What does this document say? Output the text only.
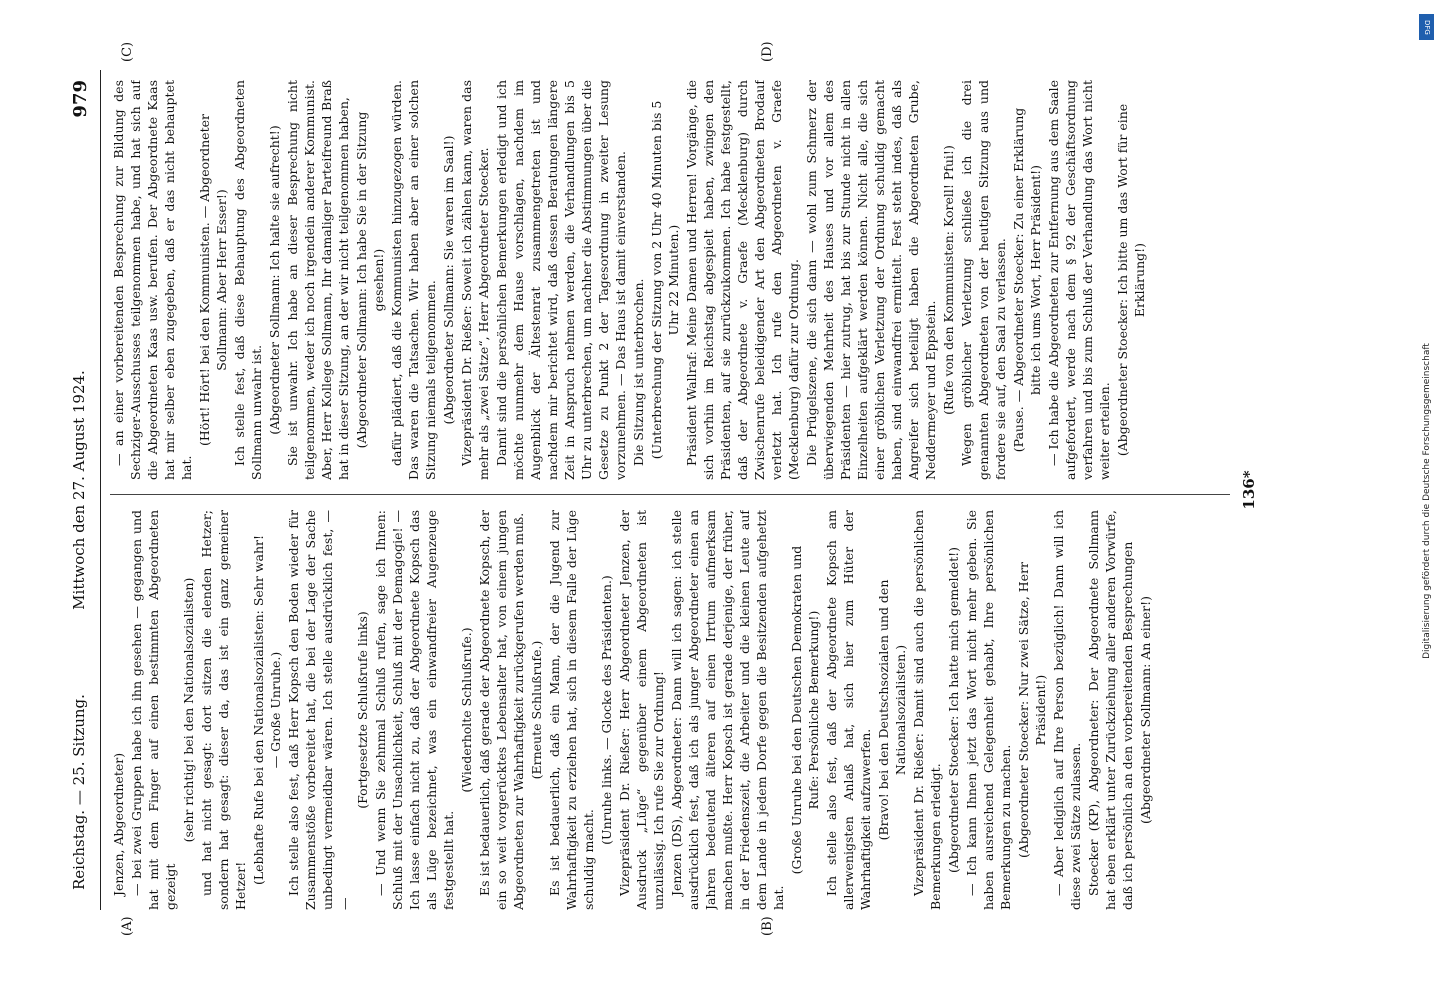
Reichstag. — 25. Sitzung.
Mittwoch den 27. August 1924.
979
(A)	(B)
(C)	(D)

Jenzen, Abgeordneter) — bei zwei Gruppen habe ich ihn gesehen — gegangen und hat mit dem Finger auf einen bestimmten Abgeordneten gezeigt

(sehr richtig! bei den Nationalsozialisten) und hat nicht gesagt: dort sitzen die elenden Hetzer; sondern hat gesagt: dieser da, das ist ein ganz gemeiner Hetzer!

(Lebhafte Rufe bei den Nationalsozialisten: Sehr wahr! — Große Unruhe.) Ich stelle also fest, daß Herr Kopsch den Boden wieder für Zusammenstöße vorbereitet hat, die bei der Lage der Sache unbedingt vermeidbar wären. Ich stelle ausdrücklich fest, — —

(Fortgesetzte Schlußrufe links) — Und wenn Sie zehnmal Schluß rufen, sage ich Ihnen: Schluß mit der Unsachlichkeit, Schluß mit der Demagogie! — Ich lasse einfach nicht zu, daß der Abgeordnete Kopsch das als Lüge bezeichnet, was ein einwandfreier Augenzeuge festgestellt hat.

(Wiederholte Schlußrufe.) Es ist bedauerlich, daß gerade der Abgeordnete Kopsch, der ein so weit vorgerücktes Lebensalter hat, von einem jungen Abgeordneten zur Wahrhaftigkeit zurückgerufen werden muß. (Erneute Schlußrufe.) Es ist bedauerlich, daß ein Mann, der die Jugend zur Wahrhaftigkeit zu erziehen hat, sich in diesem Falle der Lüge schuldig macht.

(Unruhe links. — Glocke des Präsidenten.) Vizepräsident Dr. Rießer: Herr Abgeordneter Jenzen, der Ausdruck „Lüge“ gegenüber einem Abgeordneten ist unzulässig. Ich rufe Sie zur Ordnung! Jenzen (DS), Abgeordneter: Dann will ich sagen: ich stelle ausdrücklich fest, daß ich als junger Abgeordneter einen an Jahren bedeutend älteren auf einen Irrtum aufmerksam machen mußte. Herr Kopsch ist gerade derjenige, der früher, in der Friedenszeit, die Arbeiter und die kleinen Leute auf dem Lande in jedem Dorfe gegen die Besitzenden aufgehetzt hat.

(Große Unruhe bei den Deutschen Demokraten und Rufe: Persönliche Bemerkung!) Ich stelle also fest, daß der Abgeordnete Kopsch am allerwenigsten Anlaß hat, sich hier zum Hüter der Wahrhaftigkeit aufzuwerfen. (Bravo! bei den Deutschsozialen und den Nationalsozialisten.) Vizepräsident Dr. Rießer: Damit sind auch die persönlichen Bemerkungen erledigt. (Abgeordneter Stoecker: Ich hatte mich gemeldet!) — Ich kann Ihnen jetzt das Wort nicht mehr geben. Sie haben ausreichend Gelegenheit gehabt, Ihre persönlichen Bemerkungen zu machen. (Abgeordneter Stoecker: Nur zwei Sätze, Herr Präsident!) — Aber lediglich auf Ihre Person bezüglich! Dann will ich diese zwei Sätze zulassen. Stoecker (KP), Abgeordneter: Der Abgeordnete Sollmann hat eben erklärt unter Zurückziehung aller anderen Vorwürfe, daß ich persönlich an den vorbereitenden Besprechungen (Abgeordneter Sollmann: An einer!)

— an einer vorbereitenden Besprechung zur Bildung des Sechziger-Ausschusses teilgenommen habe, und hat sich auf die Abgeordneten Kaas usw. berufen. Der Abgeordnete Kaas hat mir selber eben zugegeben, daß er das nicht behauptet hat.

(Hört! Hört! bei den Kommunisten. — Abgeordneter Sollmann: Aber Herr Esser!) Ich stelle fest, daß diese Behauptung des Abgeordneten Sollmann unwahr ist. (Abgeordneter Sollmann: Ich halte sie aufrecht!) Sie ist unwahr. Ich habe an dieser Besprechung nicht teilgenommen, weder ich noch irgendein anderer Kommunist. Aber, Herr Kollege Sollmann, Ihr damaliger Parteifreund Braß hat in dieser Sitzung, an der wir nicht teilgenommen haben, (Abgeordneter Sollmann: Ich habe Sie in der Sitzung gesehen!) dafür plädiert, daß die Kommunisten hinzugezogen würden. Das waren die Tatsachen. Wir haben aber an einer solchen Sitzung niemals teilgenommen. (Abgeordneter Sollmann: Sie waren im Saal!) Vizepräsident Dr. Rießer: Soweit ich zählen kann, waren das mehr als „zwei Sätze“, Herr Abgeordneter Stoecker. Damit sind die persönlichen Bemerkungen erledigt und ich möchte nunmehr dem Hause vorschlagen, nachdem im Augenblick der Ältestenrat zusammengetreten ist und nachdem mir berichtet wird, daß dessen Beratungen längere Zeit in Anspruch nehmen werden, die Verhandlungen bis 5 Uhr zu unterbrechen, um nachher die Abstimmungen über die Gesetze zu Punkt 2 der Tagesordnung in zweiter Lesung vorzunehmen. — Das Haus ist damit einverstanden. Die Sitzung ist unterbrochen. (Unterbrechung der Sitzung von 2 Uhr 40 Minuten bis 5 Uhr 22 Minuten.) Präsident Wallraf: Meine Damen und Herren! Vorgänge, die sich vorhin im Reichstag abgespielt haben, zwingen den Präsidenten, auf sie zurückzukommen. Ich habe festgestellt, daß der Abgeordnete v. Graefe (Mecklenburg) durch Zwischenrufe beleidigender Art den Abgeordneten Brodauf verletzt hat. Ich rufe den Abgeordneten v. Graefe (Mecklenburg) dafür zur Ordnung. Die Prügelszene, die sich dann — wohl zum Schmerz der überwiegenden Mehrheit des Hauses und vor allem des Präsidenten — hier zutrug, hat bis zur Stunde nicht in allen Einzelheiten aufgeklärt werden können. Nicht alle, die sich einer gröblichen Verletzung der Ordnung schuldig gemacht haben, sind einwandfrei ermittelt. Fest steht indes, daß als Angreifer sich beteiligt haben die Abgeordneten Grube, Neddermeyer und Eppstein. (Rufe von den Kommunisten: Korell! Pfui!) Wegen gröblicher Verletzung schließe ich die drei genannten Abgeordneten von der heutigen Sitzung aus und fordere sie auf, den Saal zu verlassen. (Pause. — Abgeordneter Stoecker: Zu einer Erklärung bitte ich ums Wort, Herr Präsident!) — Ich habe die Abgeordneten zur Entfernung aus dem Saale aufgefordert, werde nach dem § 92 der Geschäftsordnung verfahren und bis zum Schluß der Verhandlung das Wort nicht weiter erteilen. (Abgeordneter Stoecker: Ich bitte um das Wort für eine Erklärung!)

136*
DFG
Digitalisierung gefördert durch die Deutsche Forschungsgemeinschaft
